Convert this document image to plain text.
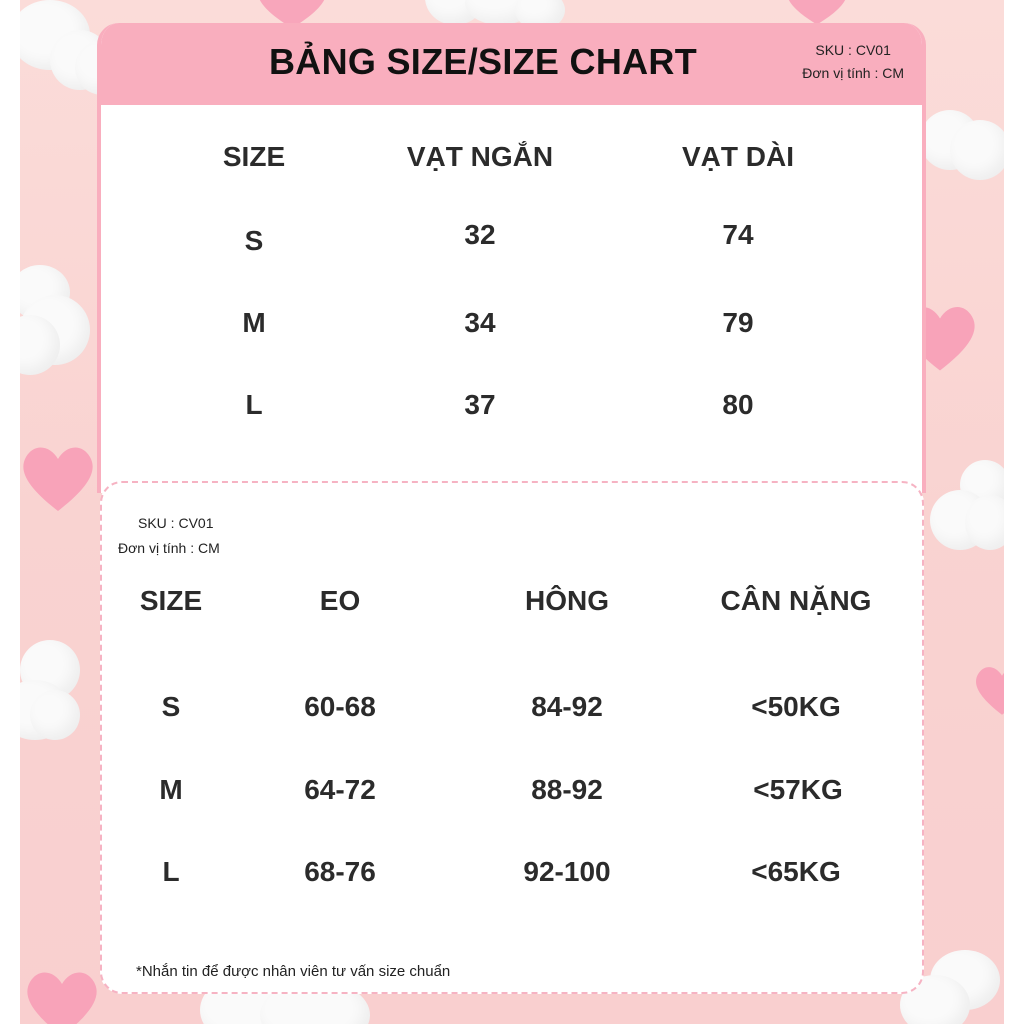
BẢNG SIZE/SIZE CHART	SKU : CV01
Đơn vị tính : CM
SIZE	VẠT NGẮN	VẠT DÀI
S	32	74
M	34	79
L	37	80
SKU : CV01
Đơn vị tính : CM
SIZE	EO	HÔNG	CÂN NẶNG
S	60-68	84-92	<50KG
M	64-72	88-92	<57KG
L	68-76	92-100	<65KG
*Nhắn tin để được nhân viên tư vấn size chuẩn
